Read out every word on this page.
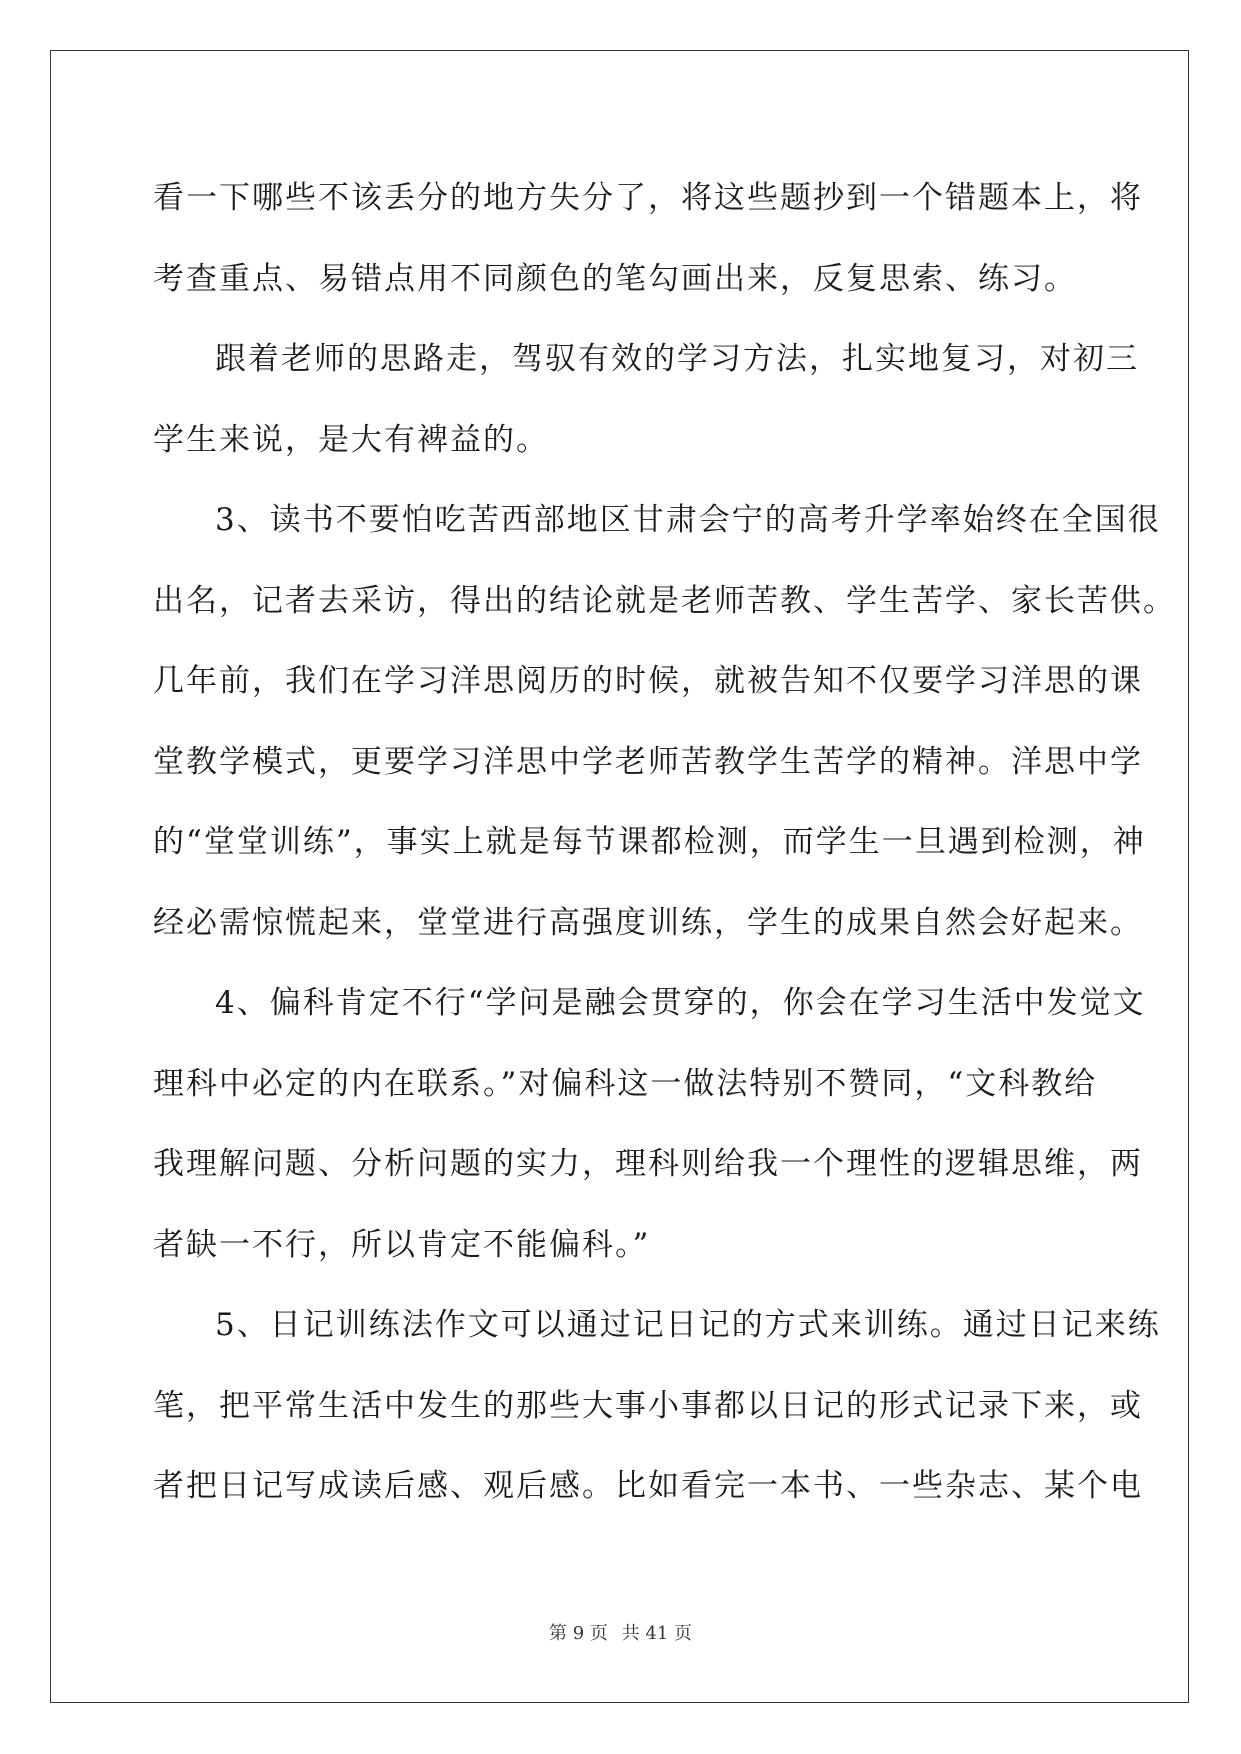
看一下哪些不该丢分的地方失分了，将这些题抄到一个错题本上，将
考查重点、易错点用不同颜色的笔勾画出来，反复思索、练习。
跟着老师的思路走，驾驭有效的学习方法，扎实地复习，对初三
学生来说，是大有裨益的。
3、读书不要怕吃苦西部地区甘肃会宁的高考升学率始终在全国很
出名，记者去采访，得出的结论就是老师苦教、学生苦学、家长苦供。
几年前，我们在学习洋思阅历的时候，就被告知不仅要学习洋思的课
堂教学模式，更要学习洋思中学老师苦教学生苦学的精神。洋思中学
的“堂堂训练”，事实上就是每节课都检测，而学生一旦遇到检测，神
经必需惊慌起来，堂堂进行高强度训练，学生的成果自然会好起来。
4、偏科肯定不行“学问是融会贯穿的，你会在学习生活中发觉文
理科中必定的内在联系。”对偏科这一做法特别不赞同，“文科教给
我理解问题、分析问题的实力，理科则给我一个理性的逻辑思维，两
者缺一不行，所以肯定不能偏科。”
5、日记训练法作文可以通过记日记的方式来训练。通过日记来练
笔，把平常生活中发生的那些大事小事都以日记的形式记录下来，或
者把日记写成读后感、观后感。比如看完一本书、一些杂志、某个电
第 9 页 共 41 页
